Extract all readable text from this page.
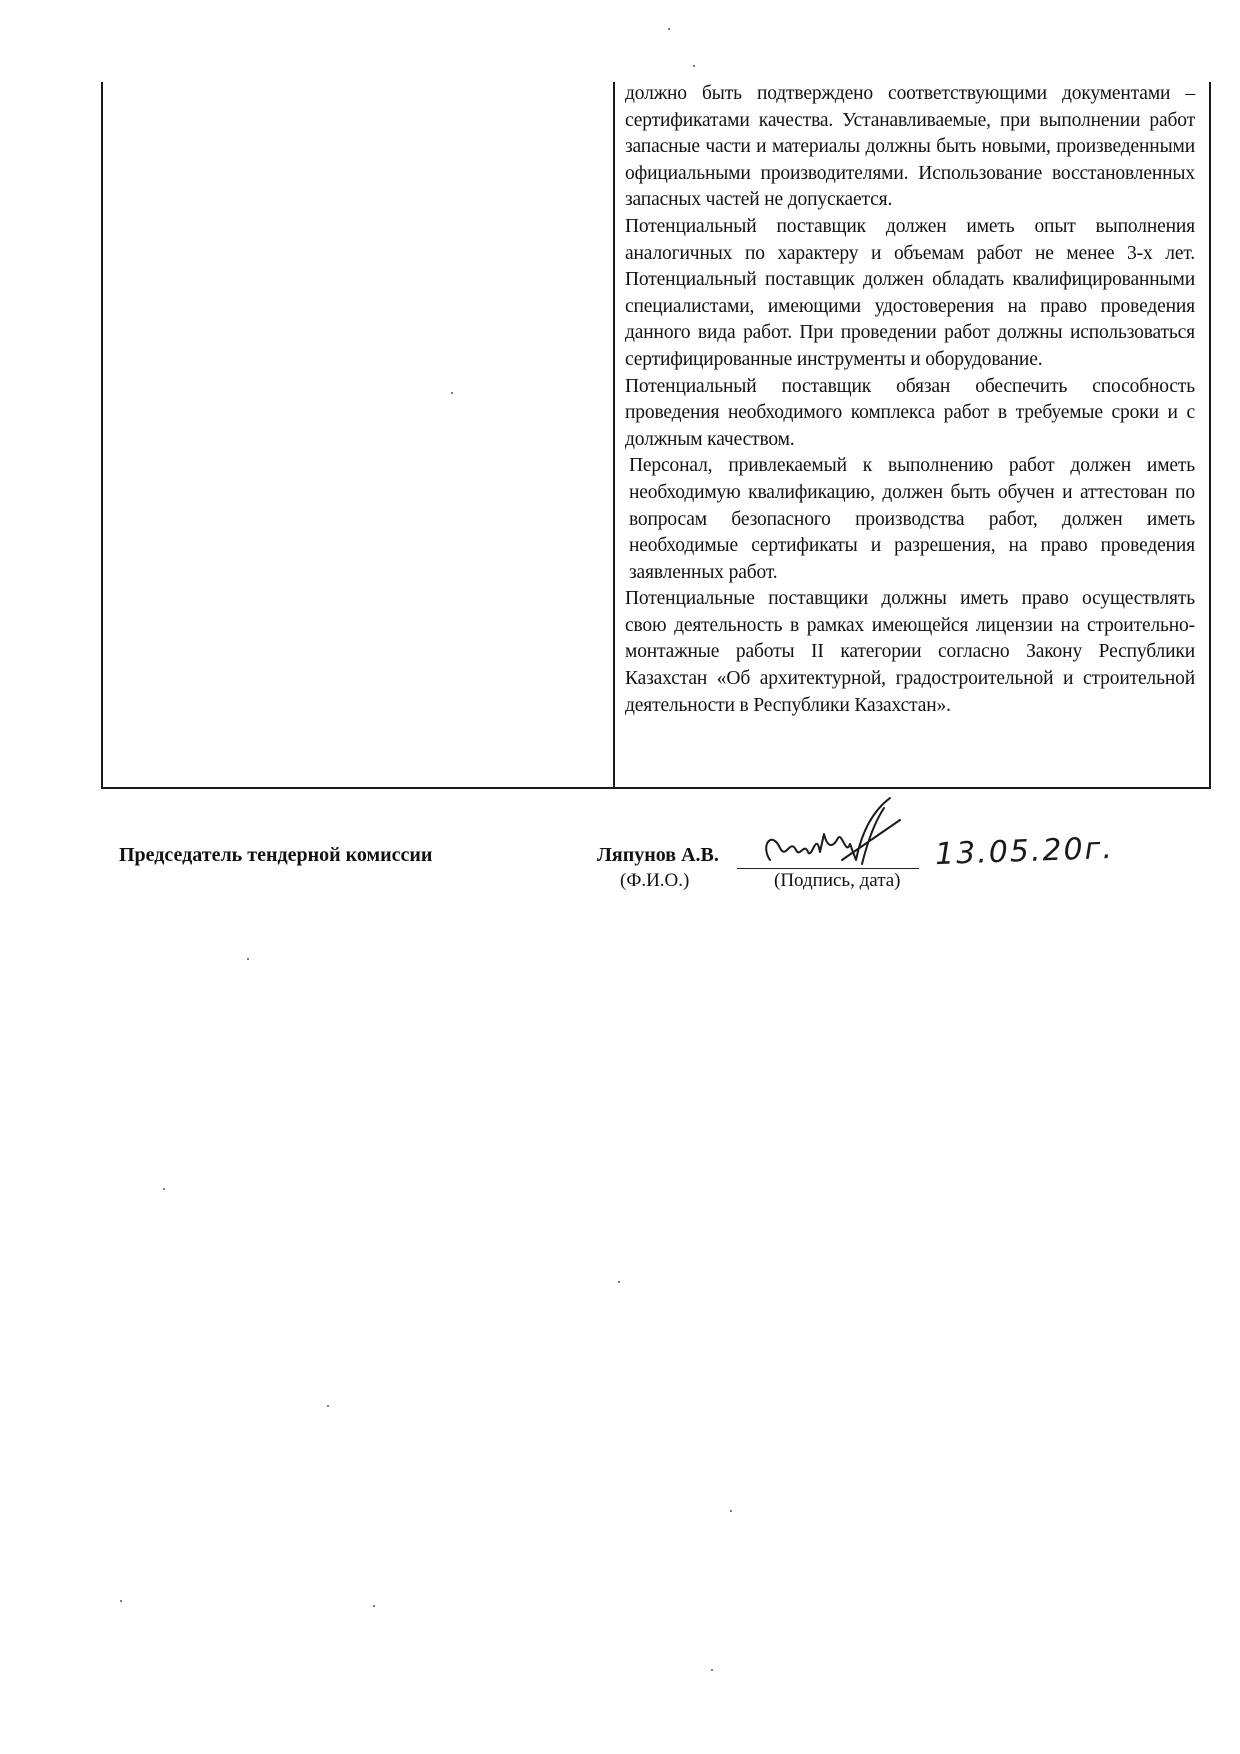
должно быть подтверждено соответствующими документами – сертификатами качества. Устанавливаемые, при выполнении работ запасные части и материалы должны быть новыми, произведенными официальными производителями. Использование восстановленных запасных частей не допускается.

Потенциальный поставщик должен иметь опыт выполнения аналогичных по характеру и объемам работ не менее 3-х лет. Потенциальный поставщик должен обладать квалифицированными специалистами, имеющими удостоверения на право проведения данного вида работ. При проведении работ должны использоваться сертифицированные инструменты и оборудование.

Потенциальный поставщик обязан обеспечить способность проведения необходимого комплекса работ в требуемые сроки и с должным качеством.

Персонал, привлекаемый к выполнению работ должен иметь необходимую квалификацию, должен быть обучен и аттестован по вопросам безопасного производства работ, должен иметь необходимые сертификаты и разрешения, на право проведения заявленных работ.

Потенциальные поставщики должны иметь право осуществлять свою деятельность в рамках имеющейся лицензии на строительно-монтажные работы II категории согласно Закону Республики Казахстан «Об архитектурной, градостроительной и строительной деятельности в Республики Казахстан».

Председатель тендерной комиссии	Ляпунов А.В.	13.05.20г.
(Ф.И.О.)	(Подпись, дата)
